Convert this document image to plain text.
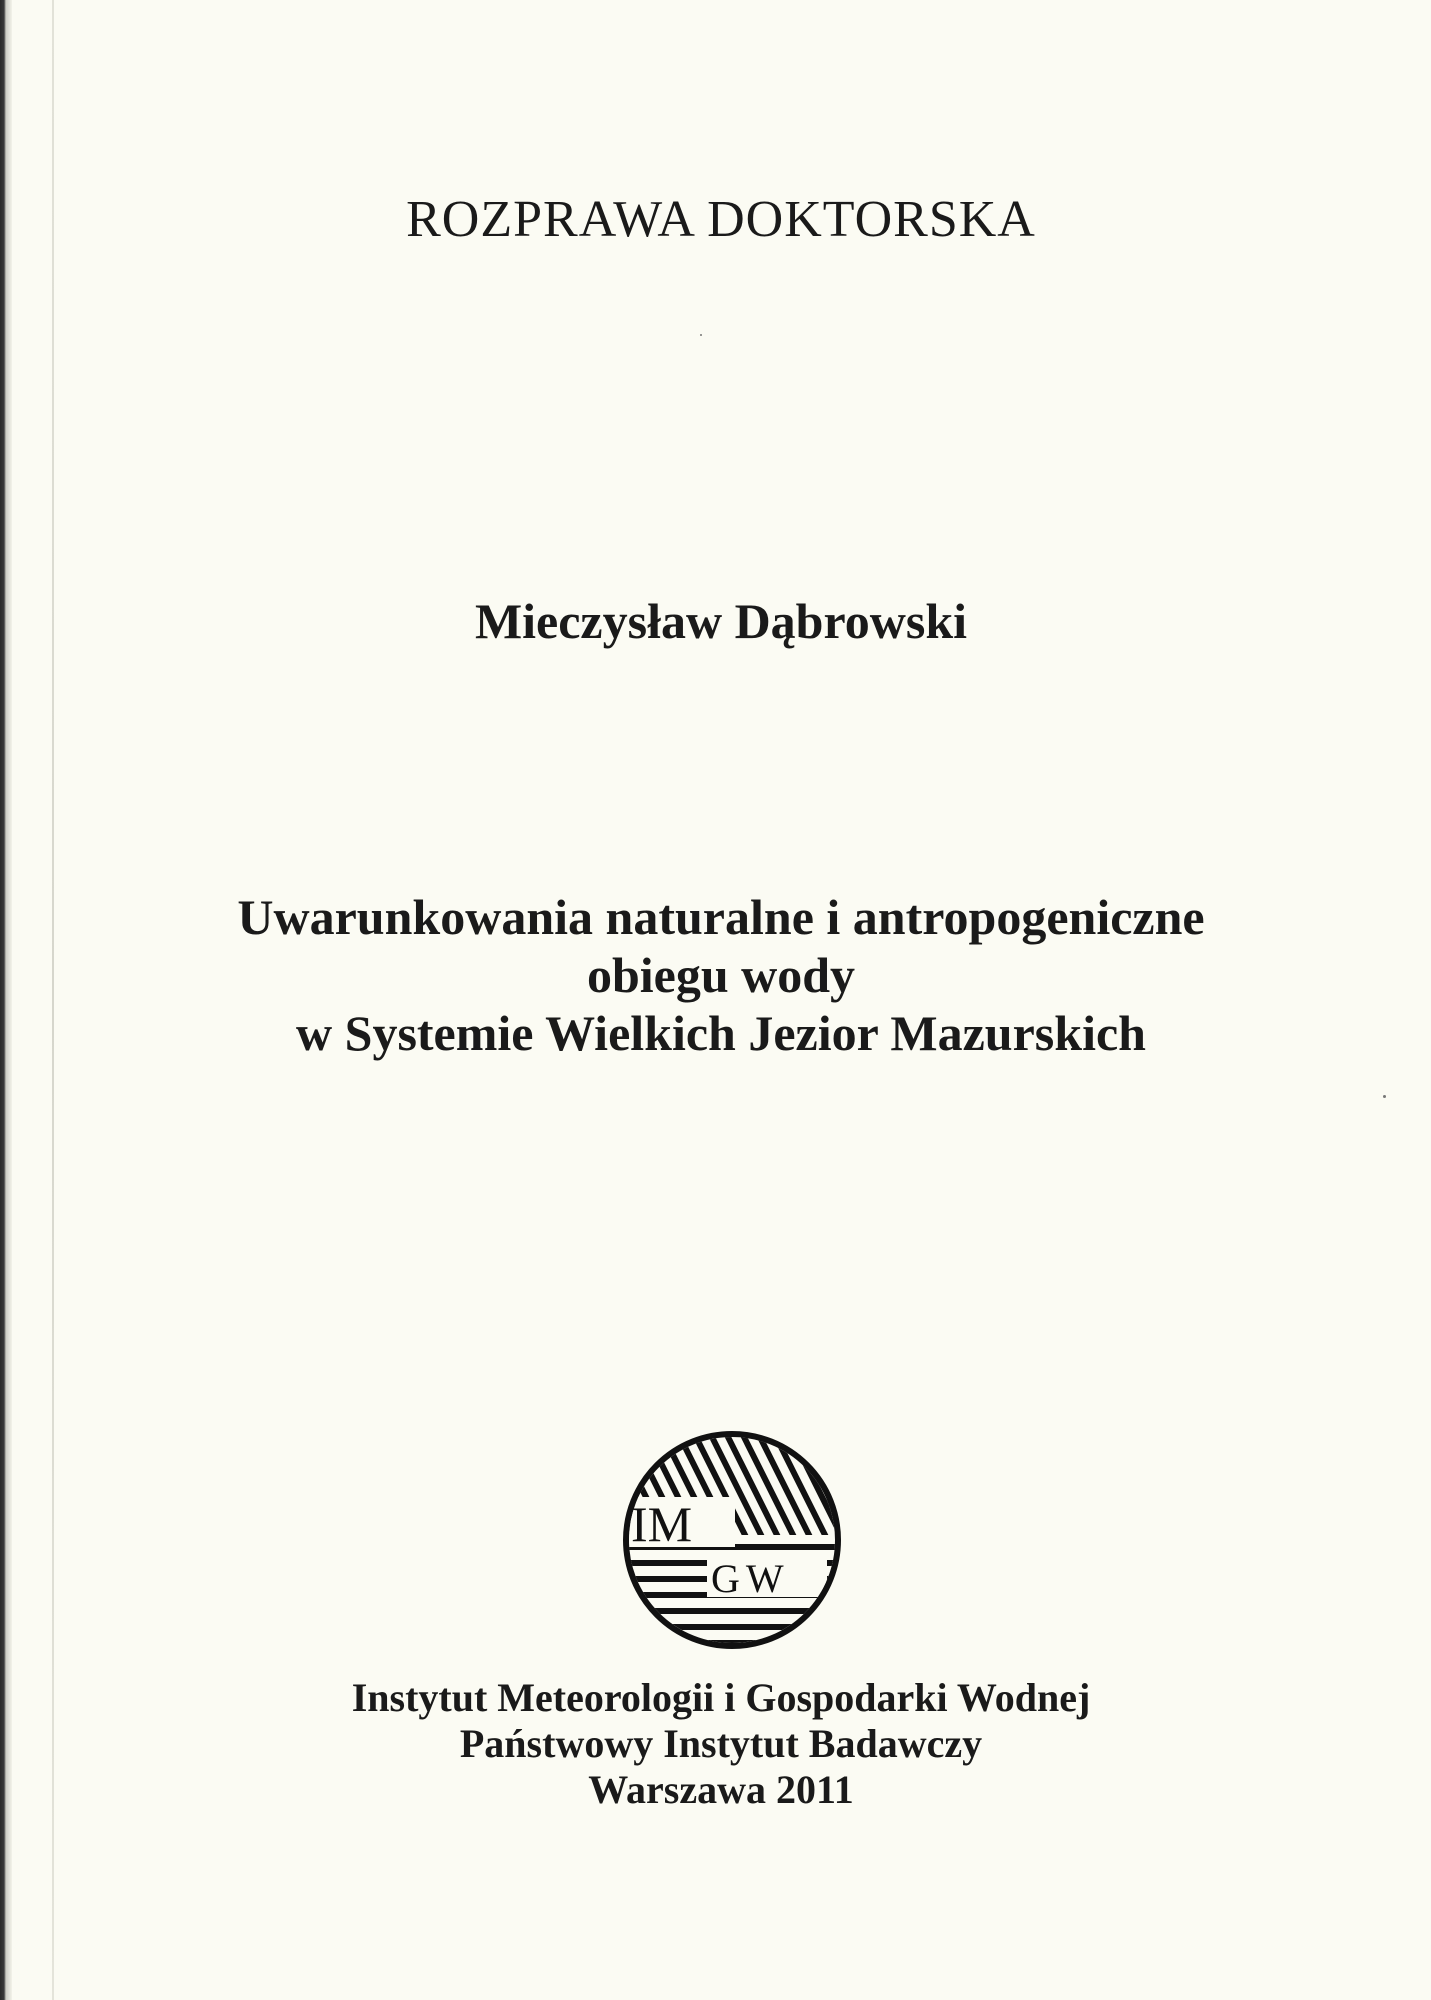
ROZPRAWA DOKTORSKA
Mieczysław Dąbrowski
Uwarunkowania naturalne i antropogeniczne
obiegu wody
w Systemie Wielkich Jezior Mazurskich
IM
GW
Instytut Meteorologii i Gospodarki Wodnej
Państwowy Instytut Badawczy
Warszawa 2011
